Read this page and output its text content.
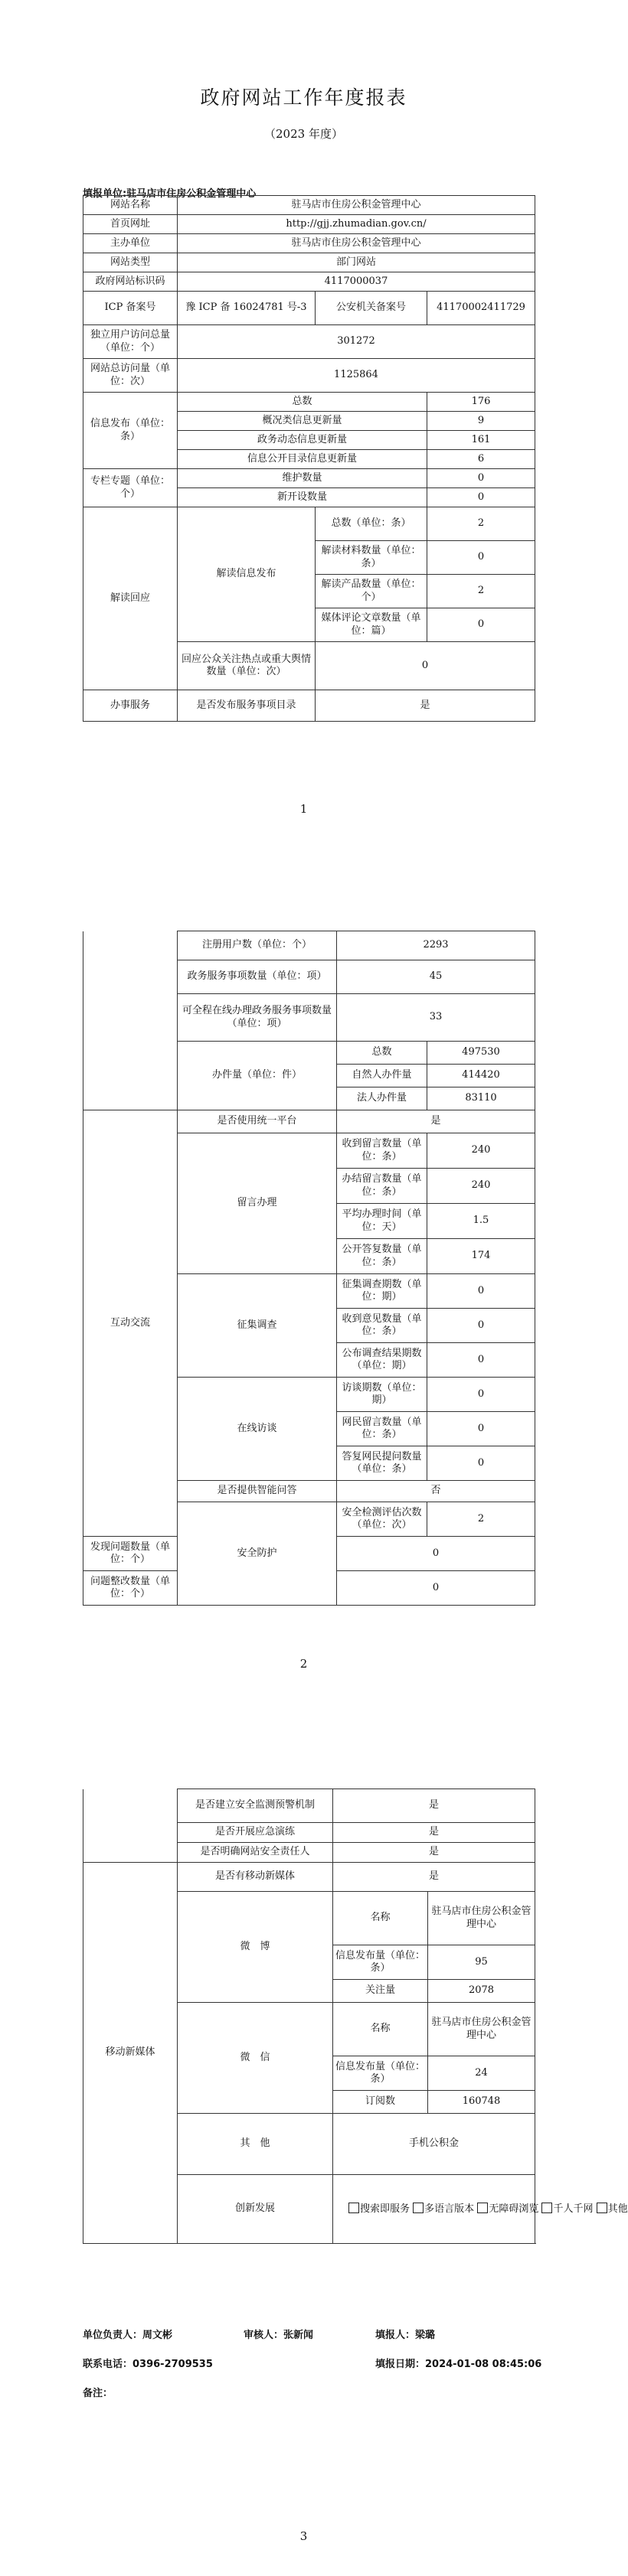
政府网站工作年度报表
（2023 年度）
填报单位:驻马店市住房公积金管理中心
网站名称	驻马店市住房公积金管理中心		
首页网址	http://gjj.zhumadian.gov.cn/		
主办单位	驻马店市住房公积金管理中心		
网站类型	部门网站		
政府网站标识码	4117000037		
ICP 备案号	豫 ICP 备 16024781 号-3	公安机关备案号	41170002411729
独立用户访问总量（单位：个）	301272		
网站总访问量（单位：次）	1125864		
信息发布（单位：条）	总数		176
	概况类信息更新量		9
	政务动态信息更新量		161
	信息公开目录信息更新量		6
专栏专题（单位：个）	维护数量		0
	新开设数量		0
解读回应	解读信息发布	总数（单位：条）	2
		解读材料数量（单位：条）	0
		解读产品数量（单位：个）	2
		媒体评论文章数量（单位：篇）	0
	回应公众关注热点或重大舆情数量（单位：次）	0	
办事服务	是否发布服务事项目录	是	
1
	注册用户数（单位：个）	2293	
	政务服务事项数量（单位：项）	45	
	可全程在线办理政务服务事项数量（单位：项）	33	
	办件量（单位：件）	总数	497530
		自然人办件量	414420
		法人办件量	83110
互动交流	是否使用统一平台	是	
	留言办理	收到留言数量（单位：条）	240
		办结留言数量（单位：条）	240
		平均办理时间（单位：天）	1.5
		公开答复数量（单位：条）	174
	征集调查	征集调查期数（单位：期）	0
		收到意见数量（单位：条）	0
		公布调查结果期数（单位：期）	0
	在线访谈	访谈期数（单位：期）	0
		网民留言数量（单位：条）	0
		答复网民提问数量（单位：条）	0
	是否提供智能问答	否	
	安全防护	安全检测评估次数（单位：次）	2
发现问题数量（单位：个）		0	
问题整改数量（单位：个）		0	
2
	是否建立安全监测预警机制	是	
	是否开展应急演练	是	
	是否明确网站安全责任人	是	
移动新媒体	是否有移动新媒体	是	
	微　博	名称	驻马店市住房公积金管理中心
		信息发布量（单位：条）	95
		关注量	2078
	微　信	名称	驻马店市住房公积金管理中心
		信息发布量（单位：条）	24
		订阅数	160748
	其　他	手机公积金	
	创新发展	搜索即服务 多语言版本 无障碍浏览 千人千网 其他	
单位负责人：周文彬	审核人：张新闻	填报人：梁璐
联系电话：0396-2709535	填报日期：2024-01-08 08:45:06
备注：
3
